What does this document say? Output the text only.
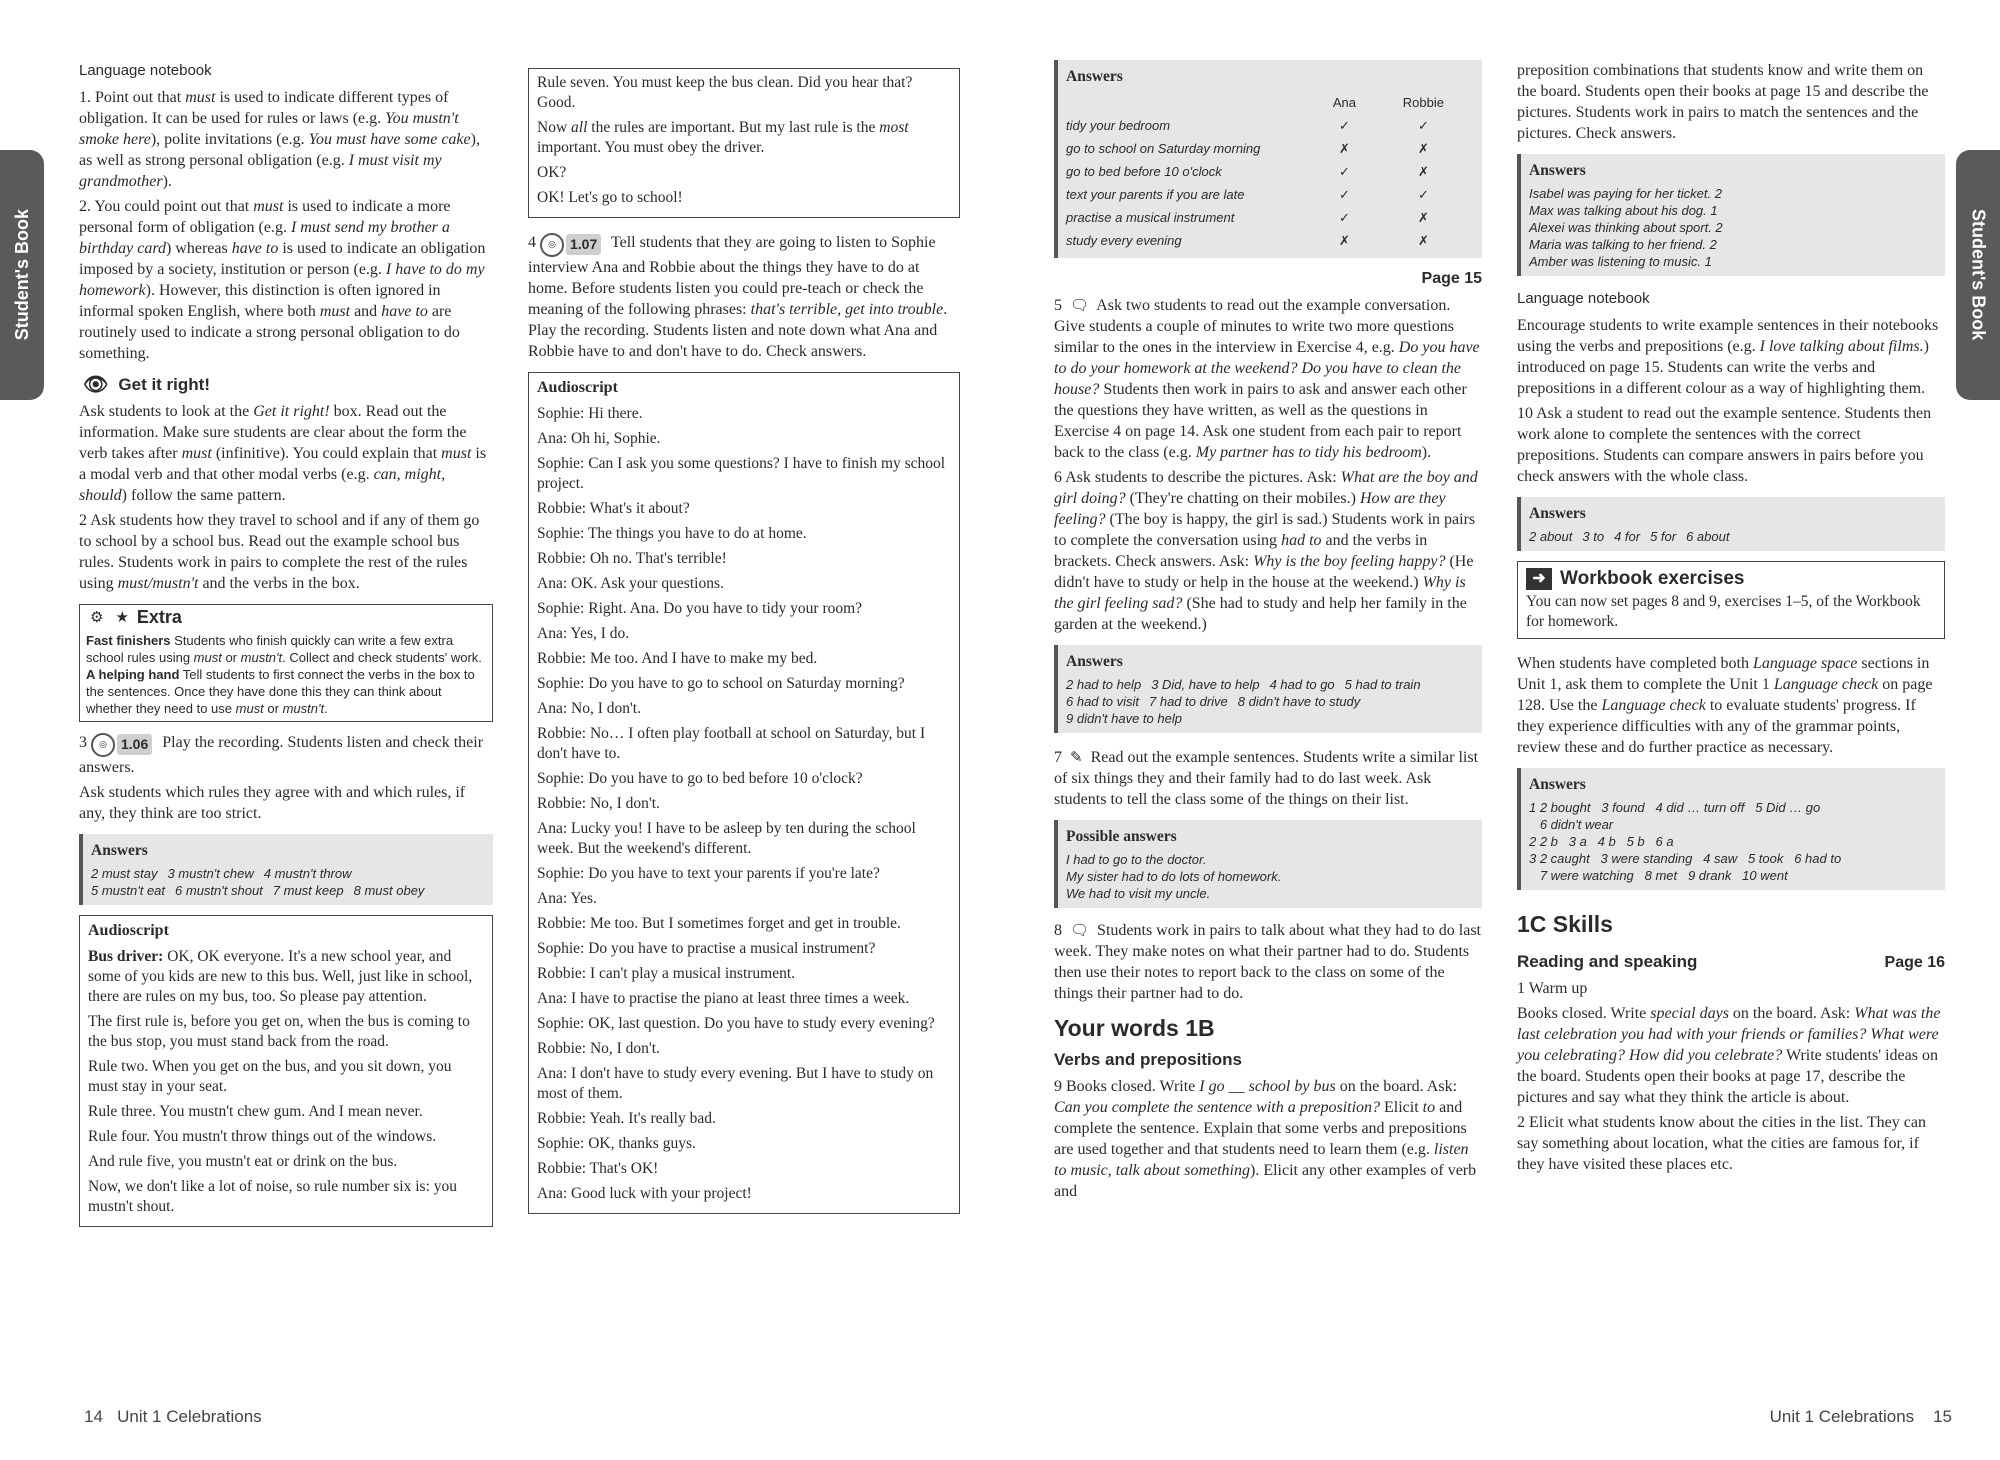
Student's Book	Student's Book
Language notebook

1. Point out that must is used to indicate different types of obligation. It can be used for rules or laws (e.g. You mustn't smoke here), polite invitations (e.g. You must have some cake), as well as strong personal obligation (e.g. I must visit my grandmother).

2. You could point out that must is used to indicate a more personal form of obligation (e.g. I must send my brother a birthday card) whereas have to is used to indicate an obligation imposed by a society, institution or person (e.g. I have to do my homework). However, this distinction is often ignored in informal spoken English, where both must and have to are routinely used to indicate a strong personal obligation to do something.

👁 Get it right!

Ask students to look at the Get it right! box. Read out the information. Make sure students are clear about the form the verb takes after must (infinitive). You could explain that must is a modal verb and that other modal verbs (e.g. can, might, should) follow the same pattern.

2 Ask students how they travel to school and if any of them go to school by a school bus. Read out the example school bus rules. Students work in pairs to complete the rest of the rules using must/mustn't and the verbs in the box.

⚙ ★ Extra
Fast finishers Students who finish quickly can write a few extra school rules using must or mustn't. Collect and check students' work.
A helping hand Tell students to first connect the verbs in the box to the sentences. Once they have done this they can think about whether they need to use must or mustn't.

3	◎	1.06 Play the recording. Students listen and check their answers.

Ask students which rules they agree with and which rules, if any, they think are too strict.

Answers
2 must stay 3 mustn't chew 4 mustn't throw
5 mustn't eat 6 mustn't shout 7 must keep 8 must obey
Audioscript

Bus driver: OK, OK everyone. It's a new school year, and some of you kids are new to this bus. Well, just like in school, there are rules on my bus, too. So please pay attention.

The first rule is, before you get on, when the bus is coming to the bus stop, you must stand back from the road.

Rule two. When you get on the bus, and you sit down, you must stay in your seat.

Rule three. You mustn't chew gum. And I mean never.

Rule four. You mustn't throw things out of the windows.

And rule five, you mustn't eat or drink on the bus.

Now, we don't like a lot of noise, so rule number six is: you mustn't shout.

Rule seven. You must keep the bus clean. Did you hear that? Good.

Now all the rules are important. But my last rule is the most important. You must obey the driver.

OK?

OK! Let's go to school!

4	◎	1.07 Tell students that they are going to listen to Sophie interview Ana and Robbie about the things they have to do at home. Before students listen you could pre-teach or check the meaning of the following phrases: that's terrible, get into trouble. Play the recording. Students listen and note down what Ana and Robbie have to and don't have to do. Check answers.

Audioscript

Sophie: Hi there.

Ana: Oh hi, Sophie.

Sophie: Can I ask you some questions? I have to finish my school project.

Robbie: What's it about?

Sophie: The things you have to do at home.

Robbie: Oh no. That's terrible!

Ana: OK. Ask your questions.

Sophie: Right. Ana. Do you have to tidy your room?

Ana: Yes, I do.

Robbie: Me too. And I have to make my bed.

Sophie: Do you have to go to school on Saturday morning?

Ana: No, I don't.

Robbie: No… I often play football at school on Saturday, but I don't have to.

Sophie: Do you have to go to bed before 10 o'clock?

Robbie: No, I don't.

Ana: Lucky you! I have to be asleep by ten during the school week. But the weekend's different.

Sophie: Do you have to text your parents if you're late?

Ana: Yes.

Robbie: Me too. But I sometimes forget and get in trouble.

Sophie: Do you have to practise a musical instrument?

Robbie: I can't play a musical instrument.

Ana: I have to practise the piano at least three times a week.

Sophie: OK, last question. Do you have to study every evening?

Robbie: No, I don't.

Ana: I don't have to study every evening. But I have to study on most of them.

Robbie: Yeah. It's really bad.

Sophie: OK, thanks guys.

Robbie: That's OK!

Ana: Good luck with your project!

Answers
	Ana	Robbie
tidy your bedroom	✓	✓
go to school on Saturday morning	✗	✗
go to bed before 10 o'clock	✓	✗
text your parents if you are late	✓	✓
practise a musical instrument	✓	✗
study every evening	✗	✗
Page 15

5 🗨 Ask two students to read out the example conversation. Give students a couple of minutes to write two more questions similar to the ones in the interview in Exercise 4, e.g. Do you have to do your homework at the weekend? Do you have to clean the house? Students then work in pairs to ask and answer each other the questions they have written, as well as the questions in Exercise 4 on page 14. Ask one student from each pair to report back to the class (e.g. My partner has to tidy his bedroom).

6 Ask students to describe the pictures. Ask: What are the boy and girl doing? (They're chatting on their mobiles.) How are they feeling? (The boy is happy, the girl is sad.) Students work in pairs to complete the conversation using had to and the verbs in brackets. Check answers. Ask: Why is the boy feeling happy? (He didn't have to study or help in the house at the weekend.) Why is the girl feeling sad? (She had to study and help her family in the garden at the weekend.)

Answers
2 had to help 3 Did, have to help 4 had to go 5 had to train
6 had to visit 7 had to drive 8 didn't have to study
9 didn't have to help

7 ✎ Read out the example sentences. Students write a similar list of six things they and their family had to do last week. Ask students to tell the class some of the things on their list.

Possible answers
I had to go to the doctor.
My sister had to do lots of homework.
We had to visit my uncle.

8 🗨 Students work in pairs to talk about what they had to do last week. They make notes on what their partner had to do. Students then use their notes to report back to the class on some of the things their partner had to do.

Your words 1B
Verbs and prepositions

9 Books closed. Write I go __ school by bus on the board. Ask: Can you complete the sentence with a preposition? Elicit to and complete the sentence. Explain that some verbs and prepositions are used together and that students need to learn them (e.g. listen to music, talk about something). Elicit any other examples of verb and

preposition combinations that students know and write them on the board. Students open their books at page 15 and describe the pictures. Students work in pairs to match the sentences and the pictures. Check answers.

Answers
Isabel was paying for her ticket. 2
Max was talking about his dog. 1
Alexei was thinking about sport. 2
Maria was talking to her friend. 2
Amber was listening to music. 1
Language notebook

Encourage students to write example sentences in their notebooks using the verbs and prepositions (e.g. I love talking about films.) introduced on page 15. Students can write the verbs and prepositions in a different colour as a way of highlighting them.

10 Ask a student to read out the example sentence. Students then work alone to complete the sentences with the correct prepositions. Students can compare answers in pairs before you check answers with the whole class.

Answers
2 about 3 to 4 for 5 for 6 about
➜ Workbook exercises
You can now set pages 8 and 9, exercises 1–5, of the Workbook for homework.

When students have completed both Language space sections in Unit 1, ask them to complete the Unit 1 Language check on page 128. Use the Language check to evaluate students' progress. If they experience difficulties with any of the grammar points, review these and do further practice as necessary.

Answers
1 2 bought   3 found   4 did … turn off   5 Did … go
6 didn't wear
2 2 b   3 a   4 b   5 b   6 a
3 2 caught   3 were standing   4 saw   5 took   6 had to
7 were watching   8 met   9 drank   10 went
1C Skills
Reading and speaking	Page 16

1 Warm up

Books closed. Write special days on the board. Ask: What was the last celebration you had with your friends or families? What were you celebrating? How did you celebrate? Write students' ideas on the board. Students open their books at page 17, describe the pictures and say what they think the article is about.

2 Elicit what students know about the cities in the list. They can say something about location, what the cities are famous for, if they have visited these places etc.

14 Unit 1 Celebrations	Unit 1 Celebrations 15
